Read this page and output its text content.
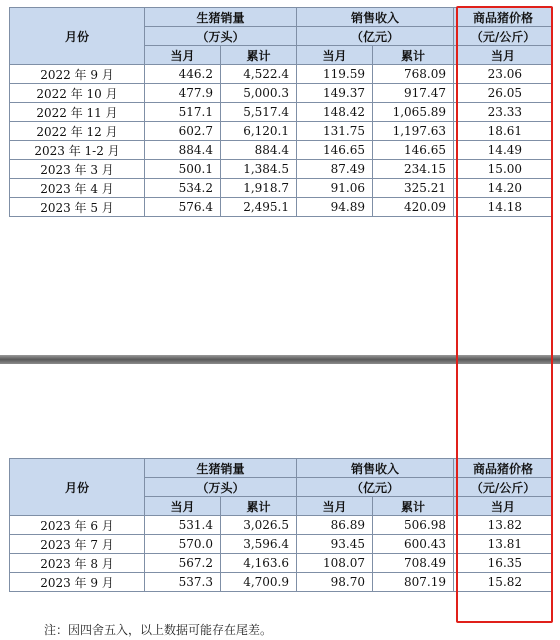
月份	生猪销量		销售收入		商品猪价格
	（万头）		（亿元）		（元/公斤）
	当月	累计	当月	累计	当月
2022 年 9 月	446.2	4,522.4	119.59	768.09	23.06
2022 年 10 月	477.9	5,000.3	149.37	917.47	26.05
2022 年 11 月	517.1	5,517.4	148.42	1,065.89	23.33
2022 年 12 月	602.7	6,120.1	131.75	1,197.63	18.61
2023 年 1-2 月	884.4	884.4	146.65	146.65	14.49
2023 年 3 月	500.1	1,384.5	87.49	234.15	15.00
2023 年 4 月	534.2	1,918.7	91.06	325.21	14.20
2023 年 5 月	576.4	2,495.1	94.89	420.09	14.18
月份	生猪销量		销售收入		商品猪价格
	（万头）		（亿元）		（元/公斤）
	当月	累计	当月	累计	当月
2023 年 6 月	531.4	3,026.5	86.89	506.98	13.82
2023 年 7 月	570.0	3,596.4	93.45	600.43	13.81
2023 年 8 月	567.2	4,163.6	108.07	708.49	16.35
2023 年 9 月	537.3	4,700.9	98.70	807.19	15.82
注：因四舍五入，以上数据可能存在尾差。
